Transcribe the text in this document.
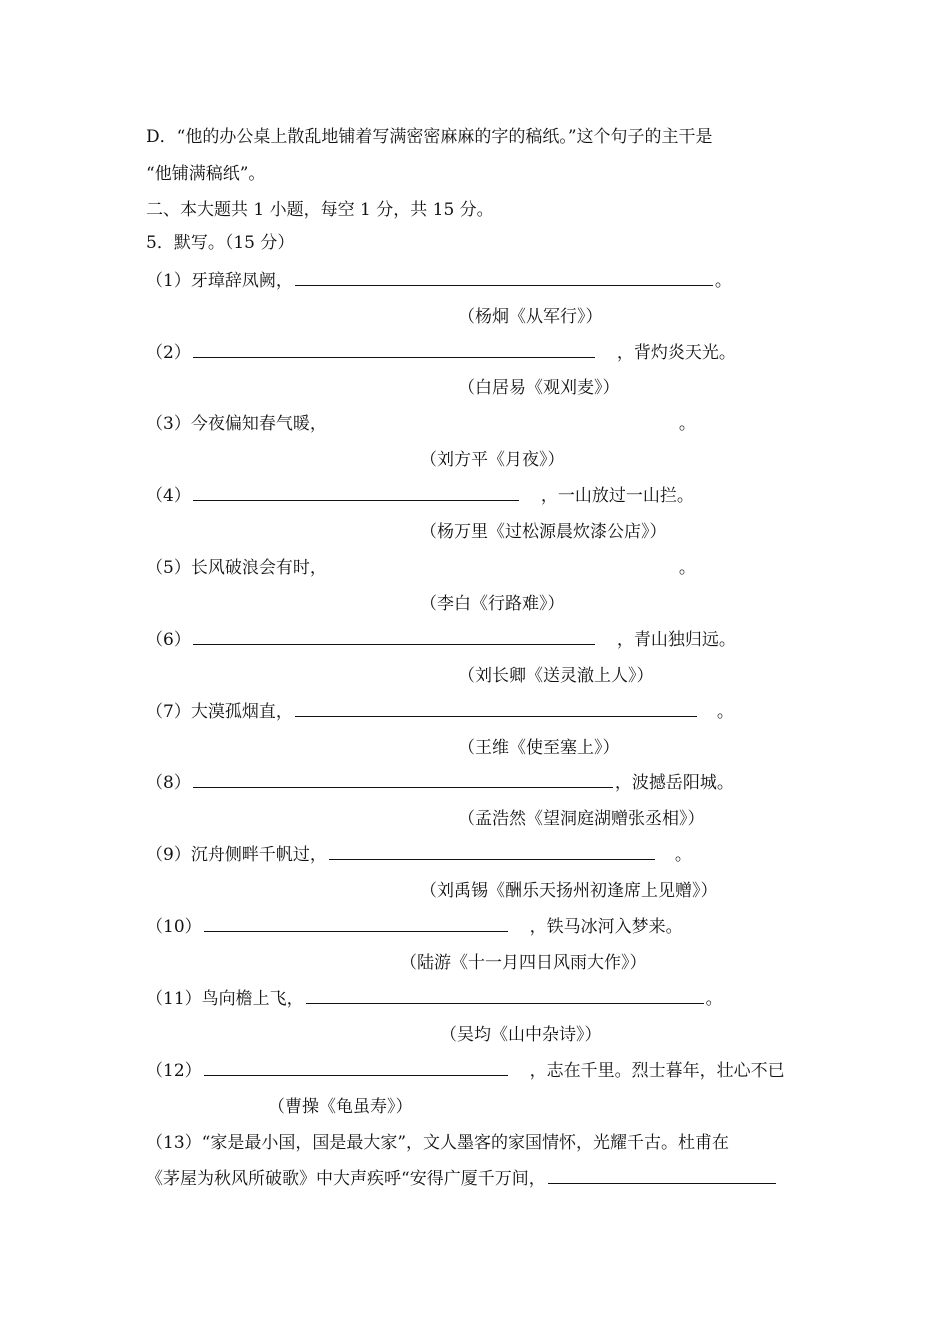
D．“他的办公桌上散乱地铺着写满密密麻麻的字的稿纸。”这个句子的主干是
“他铺满稿纸”。
二、本大题共 1 小题，每空 1 分，共 15 分。
5．默写。（15 分）
（1）牙璋辞凤阙，	。
（杨炯《从军行》）
（2）	，背灼炎天光。
（白居易《观刈麦》）
（3）今夜偏知春气暖，	。
（刘方平《月夜》）
（4）	，一山放过一山拦。
（杨万里《过松源晨炊漆公店》）
（5）长风破浪会有时，	。
（李白《行路难》）
（6）	，青山独归远。
（刘长卿《送灵澈上人》）
（7）大漠孤烟直，	。
（王维《使至塞上》）
（8）	，波撼岳阳城。
（孟浩然《望洞庭湖赠张丞相》）
（9）沉舟侧畔千帆过，	。
（刘禹锡《酬乐天扬州初逢席上见赠》）
（10）	，铁马冰河入梦来。
（陆游《十一月四日风雨大作》）
（11）鸟向檐上飞，	。
（吴均《山中杂诗》）
（12）	，志在千里。烈士暮年，壮心不已
（曹操《龟虽寿》）
（13）“家是最小国，国是最大家”，文人墨客的家国情怀，光耀千古。杜甫在
《茅屋为秋风所破歌》中大声疾呼“安得广厦千万间，
